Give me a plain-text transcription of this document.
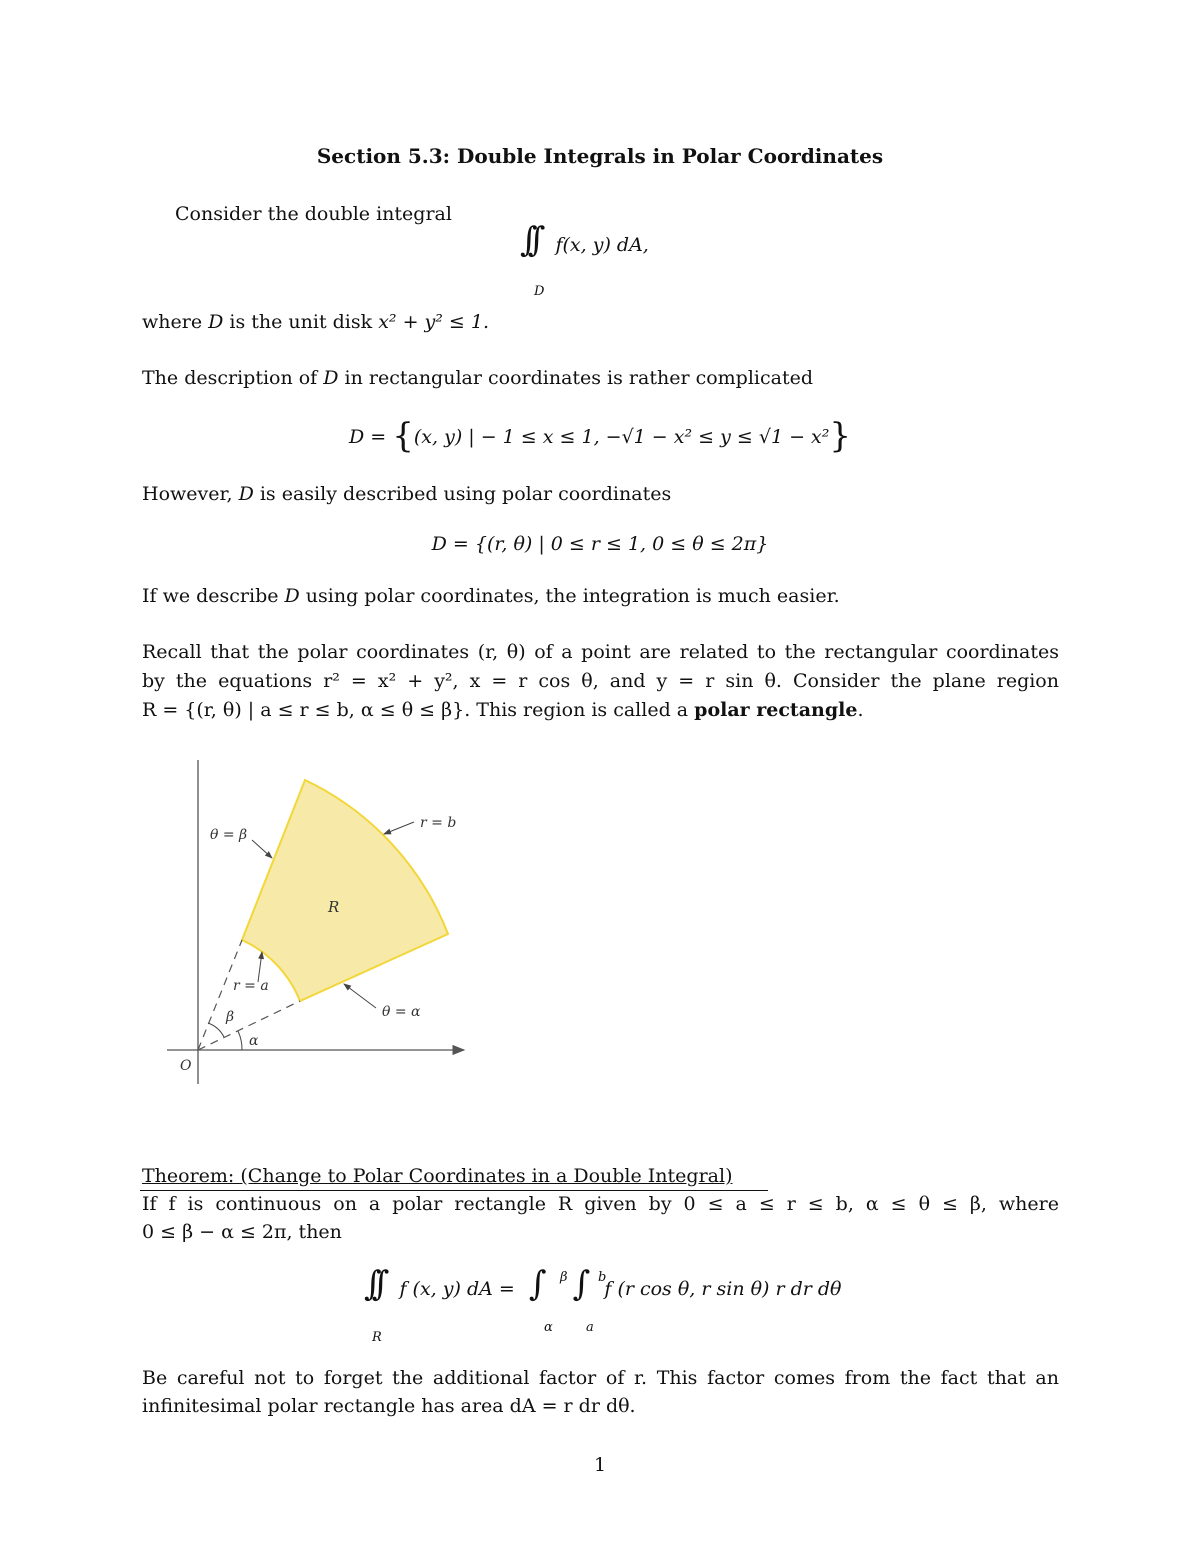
Section 5.3: Double Integrals in Polar Coordinates
Consider the double integral
∫∫ f(x, y) dA,
D
where D is the unit disk x² + y² ≤ 1.
The description of D in rectangular coordinates is rather complicated
D = {(x, y) | − 1 ≤ x ≤ 1, −√1 − x² ≤ y ≤ √1 − x²}
However, D is easily described using polar coordinates
D = {(r, θ) | 0 ≤ r ≤ 1, 0 ≤ θ ≤ 2π}
If we describe D using polar coordinates, the integration is much easier.
Recall that the polar coordinates (r, θ) of a point are related to the rectangular coordinates
by the equations r² = x² + y², x = r cos θ, and y = r sin θ. Consider the plane region
R = {(r, θ) | a ≤ r ≤ b, α ≤ θ ≤ β}. This region is called a polar rectangle.
θ = β
r = b
R
r = a
θ = α
β
α
O
Theorem: (Change to Polar Coordinates in a Double Integral)
If f is continuous on a polar rectangle R given by 0 ≤ a ≤ r ≤ b, α ≤ θ ≤ β, where
0 ≤ β − α ≤ 2π, then
∫∫ f (x, y) dA =
R
∫ β
α
∫ b
a
f (r cos θ, r sin θ) r dr dθ
Be careful not to forget the additional factor of r. This factor comes from the fact that an
infinitesimal polar rectangle has area dA = r dr dθ.
1
